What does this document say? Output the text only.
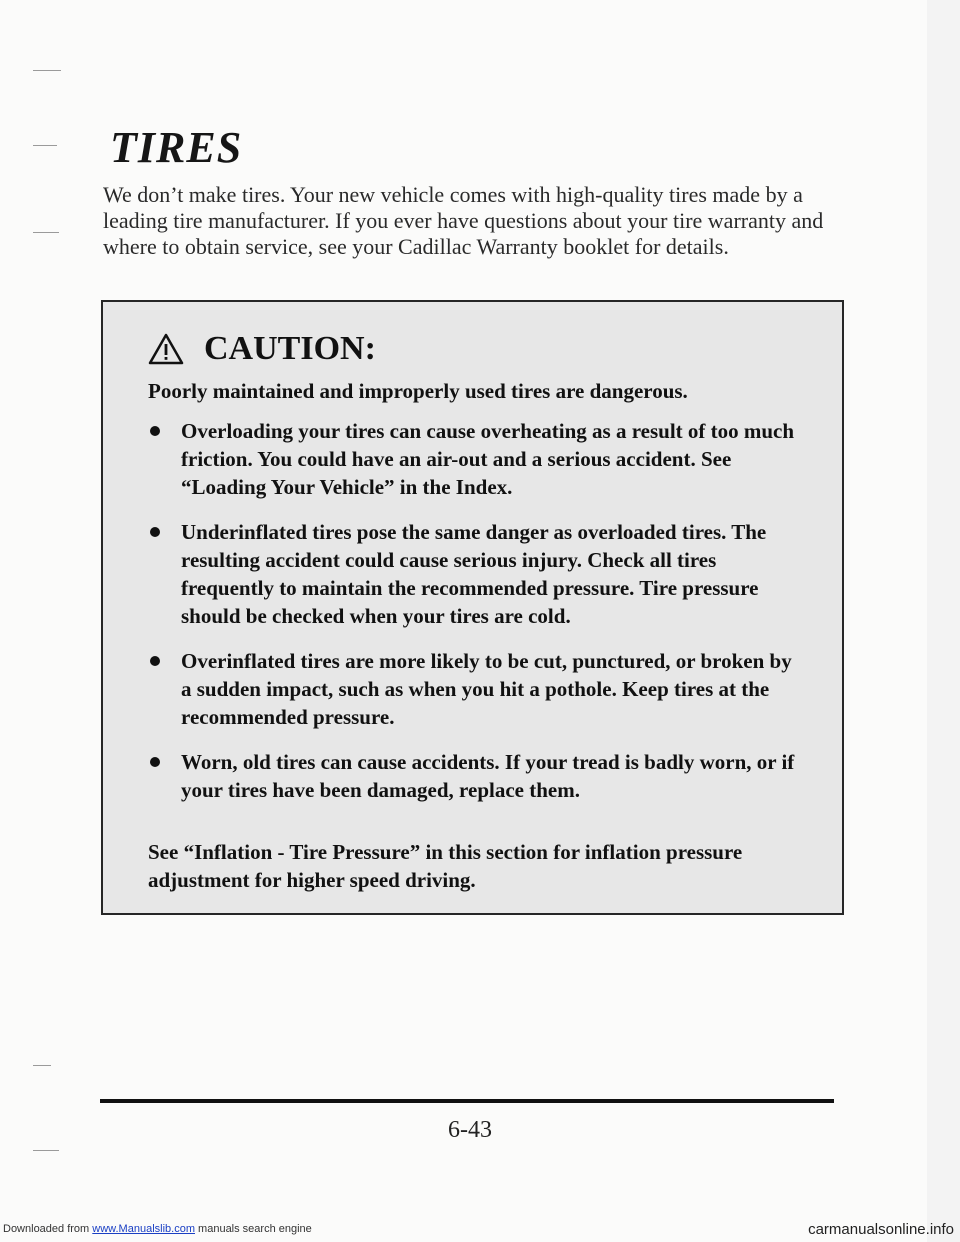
TIRES

We don’t make tires. Your new vehicle comes with high-quality tires made by a leading tire manufacturer. If you ever have questions about your tire warranty and where to obtain service, see your Cadillac Warranty booklet for details.

CAUTION:

Poorly maintained and improperly used tires are dangerous.

Overloading your tires can cause overheating as a result of too much friction. You could have an air-out and a serious accident. See “Loading Your Vehicle” in the Index.
Underinflated tires pose the same danger as overloaded tires. The resulting accident could cause serious injury. Check all tires frequently to maintain the recommended pressure. Tire pressure should be checked when your tires are cold.
Overinflated tires are more likely to be cut, punctured, or broken by a sudden impact, such as when you hit a pothole. Keep tires at the recommended pressure.
Worn, old tires can cause accidents. If your tread is badly worn, or if your tires have been damaged, replace them.

See “Inflation - Tire Pressure” in this section for inflation pressure adjustment for higher speed driving.

6-43
Downloaded from www.Manualslib.com manuals search engine	carmanualsonline.info
